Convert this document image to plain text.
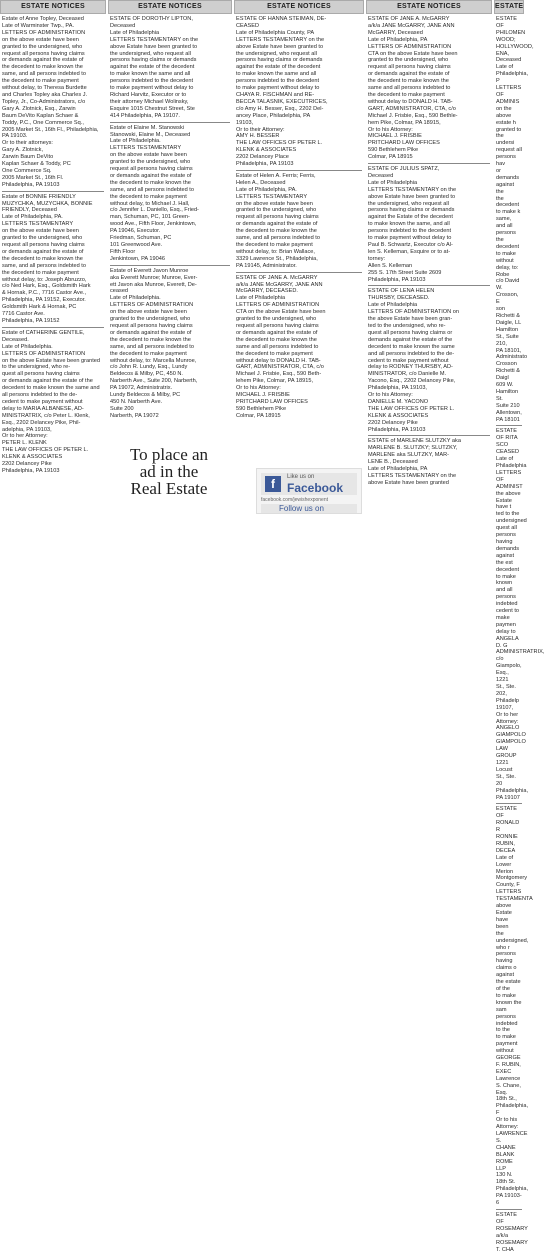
ESTATE NOTICES

Estate of Anne Topley, Deceased
Late of Warminster Twp., PA.
LETTERS OF ADMINISTRATION
on the above estate have been
granted to the undersigned, who
request all persons having claims
or demands against the estate of
the decedent to make known the
same, and all persons indebted to
the decedent to make payment
without delay, to Theresa Burdette
and Charles Topley aka Charles J.
Topley, Jr., Co-Administrators, c/o
Gary A. Zlotnick, Esq., Zarwin
Baum DeVito Kaplan Schaer &
Toddy, P.C., One Commerce Sq.,
2005 Market St., 16th Fl., Philadelphia,
PA 19103.
Or to their attorneys:
Gary A. Zlotnick,
Zarwin Baum DeVito
Kaplan Schaer & Toddy, PC
One Commerce Sq.
2005 Market St., 16th Fl.
Philadelphia, PA 19103

Estate of BONNIE FRIENDLY
MUZYCHKA, MUZYCHKA, BONNIE
FRIENDLY, Deceased
Late of Philadelphia, PA.
LETTERS TESTAMENTARY
on the above estate have been
granted to the undersigned, who
request all persons having claims
or demands against the estate of
the decedent to make known the
same, and all persons indebted to
the decedent to make payment
without delay, to: Joseph Abruzzo,
c/o Ned Hark, Esq., Goldsmith Hark
& Hornak, P.C., 7716 Castor Ave.,
Philadelphia, PA 19152, Executor.
Goldsmith Hark & Hornak, PC
7716 Castor Ave.
Philadelphia, PA 19152

Estate of CATHERINE GENTILE,
Deceased.
Late of Philadelphia.
LETTERS OF ADMINISTRATION
on the above Estate have been granted
to the undersigned, who re-
quest all persons having claims
or demands against the estate of the
decedent to make known the same and
all persons indebted to the de-
cedent to make payment without
delay to MARIA ALBANESE, AD-
MINISTRATRIX, c/o Peter L. Klenk,
Esq., 2202 Delancey Pike, Phil-
adelphia, PA 19103,
Or to her Attorney:
PETER L. KLENK
THE LAW OFFICES OF PETER L.
KLENK & ASSOCIATES
2202 Delancey Pike
Philadelphia, PA 19103

ESTATE NOTICES

ESTATE OF DOROTHY LIPTON,
Deceased
Late of Philadelphia
LETTERS TESTAMENTARY on the
above Estate have been granted to
the undersigned, who request all
persons having claims or demands
against the estate of the decedent
to make known the same and all
persons indebted to the decedent
to make payment without delay to
Richard Harvitz, Executor or to
their attorney Michael Wolinsky,
Esquire 1015 Chestnut Street, Ste
414 Philadelphia, PA 19107.

Estate of Elaine M. Stanowski
Stanowski, Elaine M., Deceased
Late of Philadelphia.
LETTERS TESTAMENTARY
on the above estate have been
granted to the undersigned, who
request all persons having claims
or demands against the estate of
the decedent to make known the
same, and all persons indebted to
the decedent to make payment
without delay, to Michael J. Hall,
c/o Jennifer L. Daniello, Esq., Fried-
man, Schuman, PC, 101 Green-
wood Ave., Fifth Floor, Jenkintown,
PA 19046, Executor.
Friedman, Schuman, PC
101 Greenwood Ave.
Fifth Floor
Jenkintown, PA 19046

Estate of Everett Javon Munroe
aka Everett Munroe; Munroe, Ever-
ett Javon aka Munroe, Everett, De-
ceased
Late of Philadelphia.
LETTERS OF ADMINISTRATION
on the above estate have been
granted to the undersigned, who
request all persons having claims
or demands against the estate of
the decedent to make known the
same, and all persons indebted to
the decedent to make payment
without delay, to: Marcella Munroe,
c/o John R. Lundy, Esq., Lundy
Beldecos & Milby, PC, 450 N.
Narberth Ave., Suite 200, Narberth,
PA 19072, Administratrix.
Lundy Beldecos & Milby, PC
450 N. Narberth Ave.
Suite 200
Narberth, PA 19072

To place an
ad in the
Real Estate
ESTATE NOTICES

ESTATE OF HANNA STEIMAN, DE-
CEASED
Late of Philadelphia County, PA
LETTERS TESTAMENTARY on the
above Estate have been granted to
the undersigned, who request all
persons having claims or demands
against the estate of the decedent
to make known the same and all
persons indebted to the decedent
to make payment without delay to
CHAYA R. FISCHMAN and RE-
BECCA TALASNIK, EXECUTRICES,
c/o Amy H. Besser, Esq., 2202 Del-
ancey Place, Philadelphia, PA
19103,
Or to their Attorney:
AMY H. BESSER
THE LAW OFFICES OF PETER L.
KLENK & ASSOCIATES
2202 Delancey Place
Philadelphia, PA 19103

Estate of Helen A. Ferris; Ferris,
Helen A., Deceased
Late of Philadelphia, PA.
LETTERS TESTAMENTARY
on the above estate have been
granted to the undersigned, who
request all persons having claims
or demands against the estate of
the decedent to make known the
same, and all persons indebted to
the decedent to make payment
without delay, to: Brian Wallace,
3329 Lawrence St., Philadelphia,
PA 19145, Administrator.

ESTATE OF JANE A. McGARRY
a/k/a JANE McGARRY, JANE ANN
McGARRY, DECEASED.
Late of Philadelphia
LETTERS OF ADMINISTRATION
CTA on the above Estate have been
granted to the undersigned, who
request all persons having claims
or demands against the estate of
the decedent to make known the
same and all persons indebted to
the decedent to make payment
without delay to DONALD H. TAB-
GART, ADMINISTRATOR, CTA, c/o
Michael J. Frisbie, Esq., 590 Beth-
lehem Pike, Colmar, PA 18915,
Or to his Attorney:
MICHAEL J. FRISBIE
PRITCHARD LAW OFFICES
590 Bethlehem Pike
Colmar, PA 18915

f	Like us on
Facebook
facebook.com/jewishexponent
Follow us on
ESTATE NOTICES

ESTATE OF JANE A. McGARRY
a/k/a JANE McGARRY, JANE ANN
McGARRY, Deceased
Late of Philadelphia, PA
LETTERS OF ADMINISTRATION
CTA on the above Estate have been
granted to the undersigned, who
request all persons having claims
or demands against the estate of
the decedent to make known the
same and all persons indebted to
the decedent to make payment
without delay to DONALD H. TAB-
GART, ADMINISTRATOR, CTA, c/o
Michael J. Frisbie, Esq., 590 Bethle-
hem Pike, Colmar, PA 18915,
Or to his Attorney:
MICHAEL J. FRISBIE
PRITCHARD LAW OFFICES
590 Bethlehem Pike
Colmar, PA 18915

ESTATE OF JULIUS SPATZ,
Deceased
Late of Philadelphia
LETTERS TESTAMENTARY on the
above Estate have been granted to
the undersigned, who request all
persons having claims or demands
against the Estate of the decedent
to make known the same, and all
persons indebted to the decedent
to make payment without delay to
Paul B. Schwartz, Executor c/o Al-
len S. Kelleman, Esquire or to at-
torney:
Allen S. Kelleman
255 S. 17th Street Suite 2609
Philadelphia, PA 19103

ESTATE OF LENA HELEN
THURSBY, DECEASED.
Late of Philadelphia
LETTERS OF ADMINISTRATION on
the above Estate have been gran-
ted to the undersigned, who re-
quest all persons having claims or
demands against the estate of the
decedent to make known the same
and all persons indebted to the de-
cedent to make payment without
delay to RODNEY THURSBY, AD-
MINISTRATOR, c/o Danielle M.
Yacono, Esq., 2202 Delancey Pike,
Philadelphia, PA 19103,
Or to his Attorney:
DANIELLE M. YACONO
THE LAW OFFICES OF PETER L.
KLENK & ASSOCIATES
2202 Delancey Pike
Philadelphia, PA 19103

ESTATE of MARLENE SLUTZKY aka
MARLENE B. SLUTZKY; SLUTZKY,
MARLENE aka SLUTZKY, MAR-
LENE B., Deceased
Late of Philadelphia, PA
LETTERS TESTAMENTARY on the
above Estate have been granted

ESTATE

ESTATE OF PHILOMEN
WOOD; HOLLYWOOD,
ENA, Deceased
Late of Philadelphia, P
LETTERS OF ADMINIS
on the above estate h
granted to the undersi
request all persons hav
or demands against the
the decedent to make k
same, and all persons
the decedent to make
without delay, to: Robe
c/o David W. Crosson, E
son Richetti & Daigle, LL
Hamilton St., Suite 210,
PA 18101, Administrato
Crosson Richetti & Daigl
609 W. Hamilton St.
Suite 210
Allentown, PA 18101

ESTATE OF RITA SCO
CEASED
Late of Philadelphia
LETTERS OF ADMINIST
the above Estate have t
ted to the undersigned
quest all persons having
demands against the est
decedent to make known
and all persons indebted
cedent to make paymen
delay to ANGELA D. G
ADMINISTRATRIX, c/o
Giampolo, Esq., 1221
St., Ste. 202, Philadelp
19107,
Or to her Attorney:
ANGELO GIAMPOLO
GIAMPOLO LAW GROUP
1221 Locust St., Ste. 20
Philadelphia, PA 19107

ESTATE OF RONALD R
RONNIE RUBIN, DECEA
Late of Lower Merion
Montgomery County, F
LETTERS TESTAMENTA
above Estate have been
the undersigned, who r
persons having claims o
against the estate of the
to make known the sam
persons indebted to the
to make payment without
GEORGE F. RUBIN, EXEC
Lawrence S. Chane, Esq.
18th St., Philadelphia, F
Or to his Attorney:
LAWRENCE S. CHANE
BLANK ROME LLP
130 N. 18th St.
Philadelphia, PA 19103-6

ESTATE OF ROSEMARY
a/k/a ROSEMARY T. CHA
